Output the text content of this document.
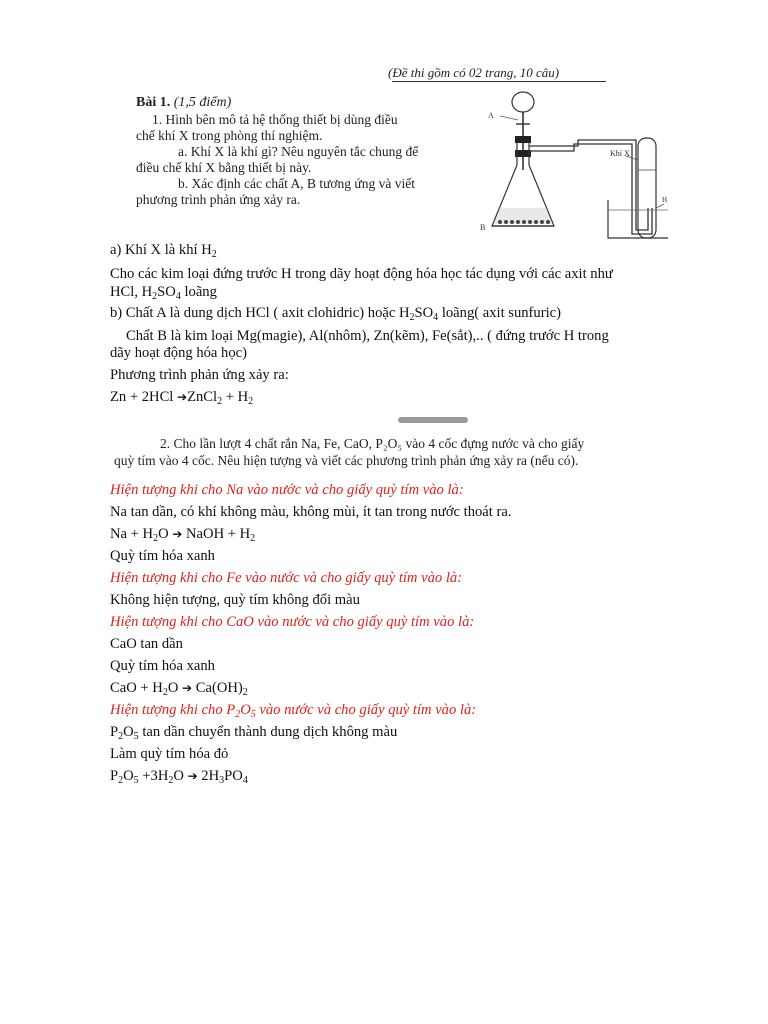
(Đề thi gồm có 02 trang, 10 câu)
Bài 1. (1,5 điểm)
1. Hình bên mô tả hệ thống thiết bị dùng điều
chế khí X trong phòng thí nghiệm.
a. Khí X là khí gì? Nêu nguyên tắc chung để
điều chế khí X bằng thiết bị này.
b. Xác định các chất A, B tương ứng và viết
phương trình phản ứng xảy ra.
A
B
Khí X
H₂O
a) Khí X là khí $H_2$
Cho các kim loại đứng trước H trong dãy hoạt động hóa học tác dụng với các axit như
HCl, $H_2SO_4$ loãng
b) Chất A là dung dịch HCl ( axit clohidric) hoặc $H_2SO_4$ loãng( axit sunfuric)
Chất B là kim loại Mg(magie), Al(nhôm), Zn(kẽm), Fe(sắt),.. ( đứng trước H trong
dãy hoạt động hóa học)
Phương trình phản ứng xảy ra:
Zn + 2HCl ➔ZnCl$_2$ + $H_2$
2. Cho lần lượt 4 chất rắn Na, Fe, CaO, P₂O₅ vào 4 cốc đựng nước và cho giấy
quỳ tím vào 4 cốc. Nêu hiện tượng và viết các phương trình phản ứng xảy ra (nếu có).
Hiện tượng khi cho Na vào nước và cho giấy quỳ tím vào là:
Na tan dần, có khí không màu, không mùi, ít tan trong nước thoát ra.
$Na + H_2O$ ➔ NaOH + $H_2$
Quỳ tím hóa xanh
Hiện tượng khi cho Fe vào nước và cho giấy quỳ tím vào là:
Không hiện tượng, quỳ tím không đổi màu
Hiện tượng khi cho CaO vào nước và cho giấy quỳ tím vào là:
CaO tan dần
Quỳ tím hóa xanh
CaO + $H_2O$ ➔ $Ca(OH)_2$
Hiện tượng khi cho $P_2O_5$ vào nước và cho giấy quỳ tím vào là:
$P_2O_5$ tan dần chuyển thành dung dịch không màu
Làm quỳ tím hóa đỏ
$P_2O_5 +3H_2O$ ➔ $2H_3PO_4$
